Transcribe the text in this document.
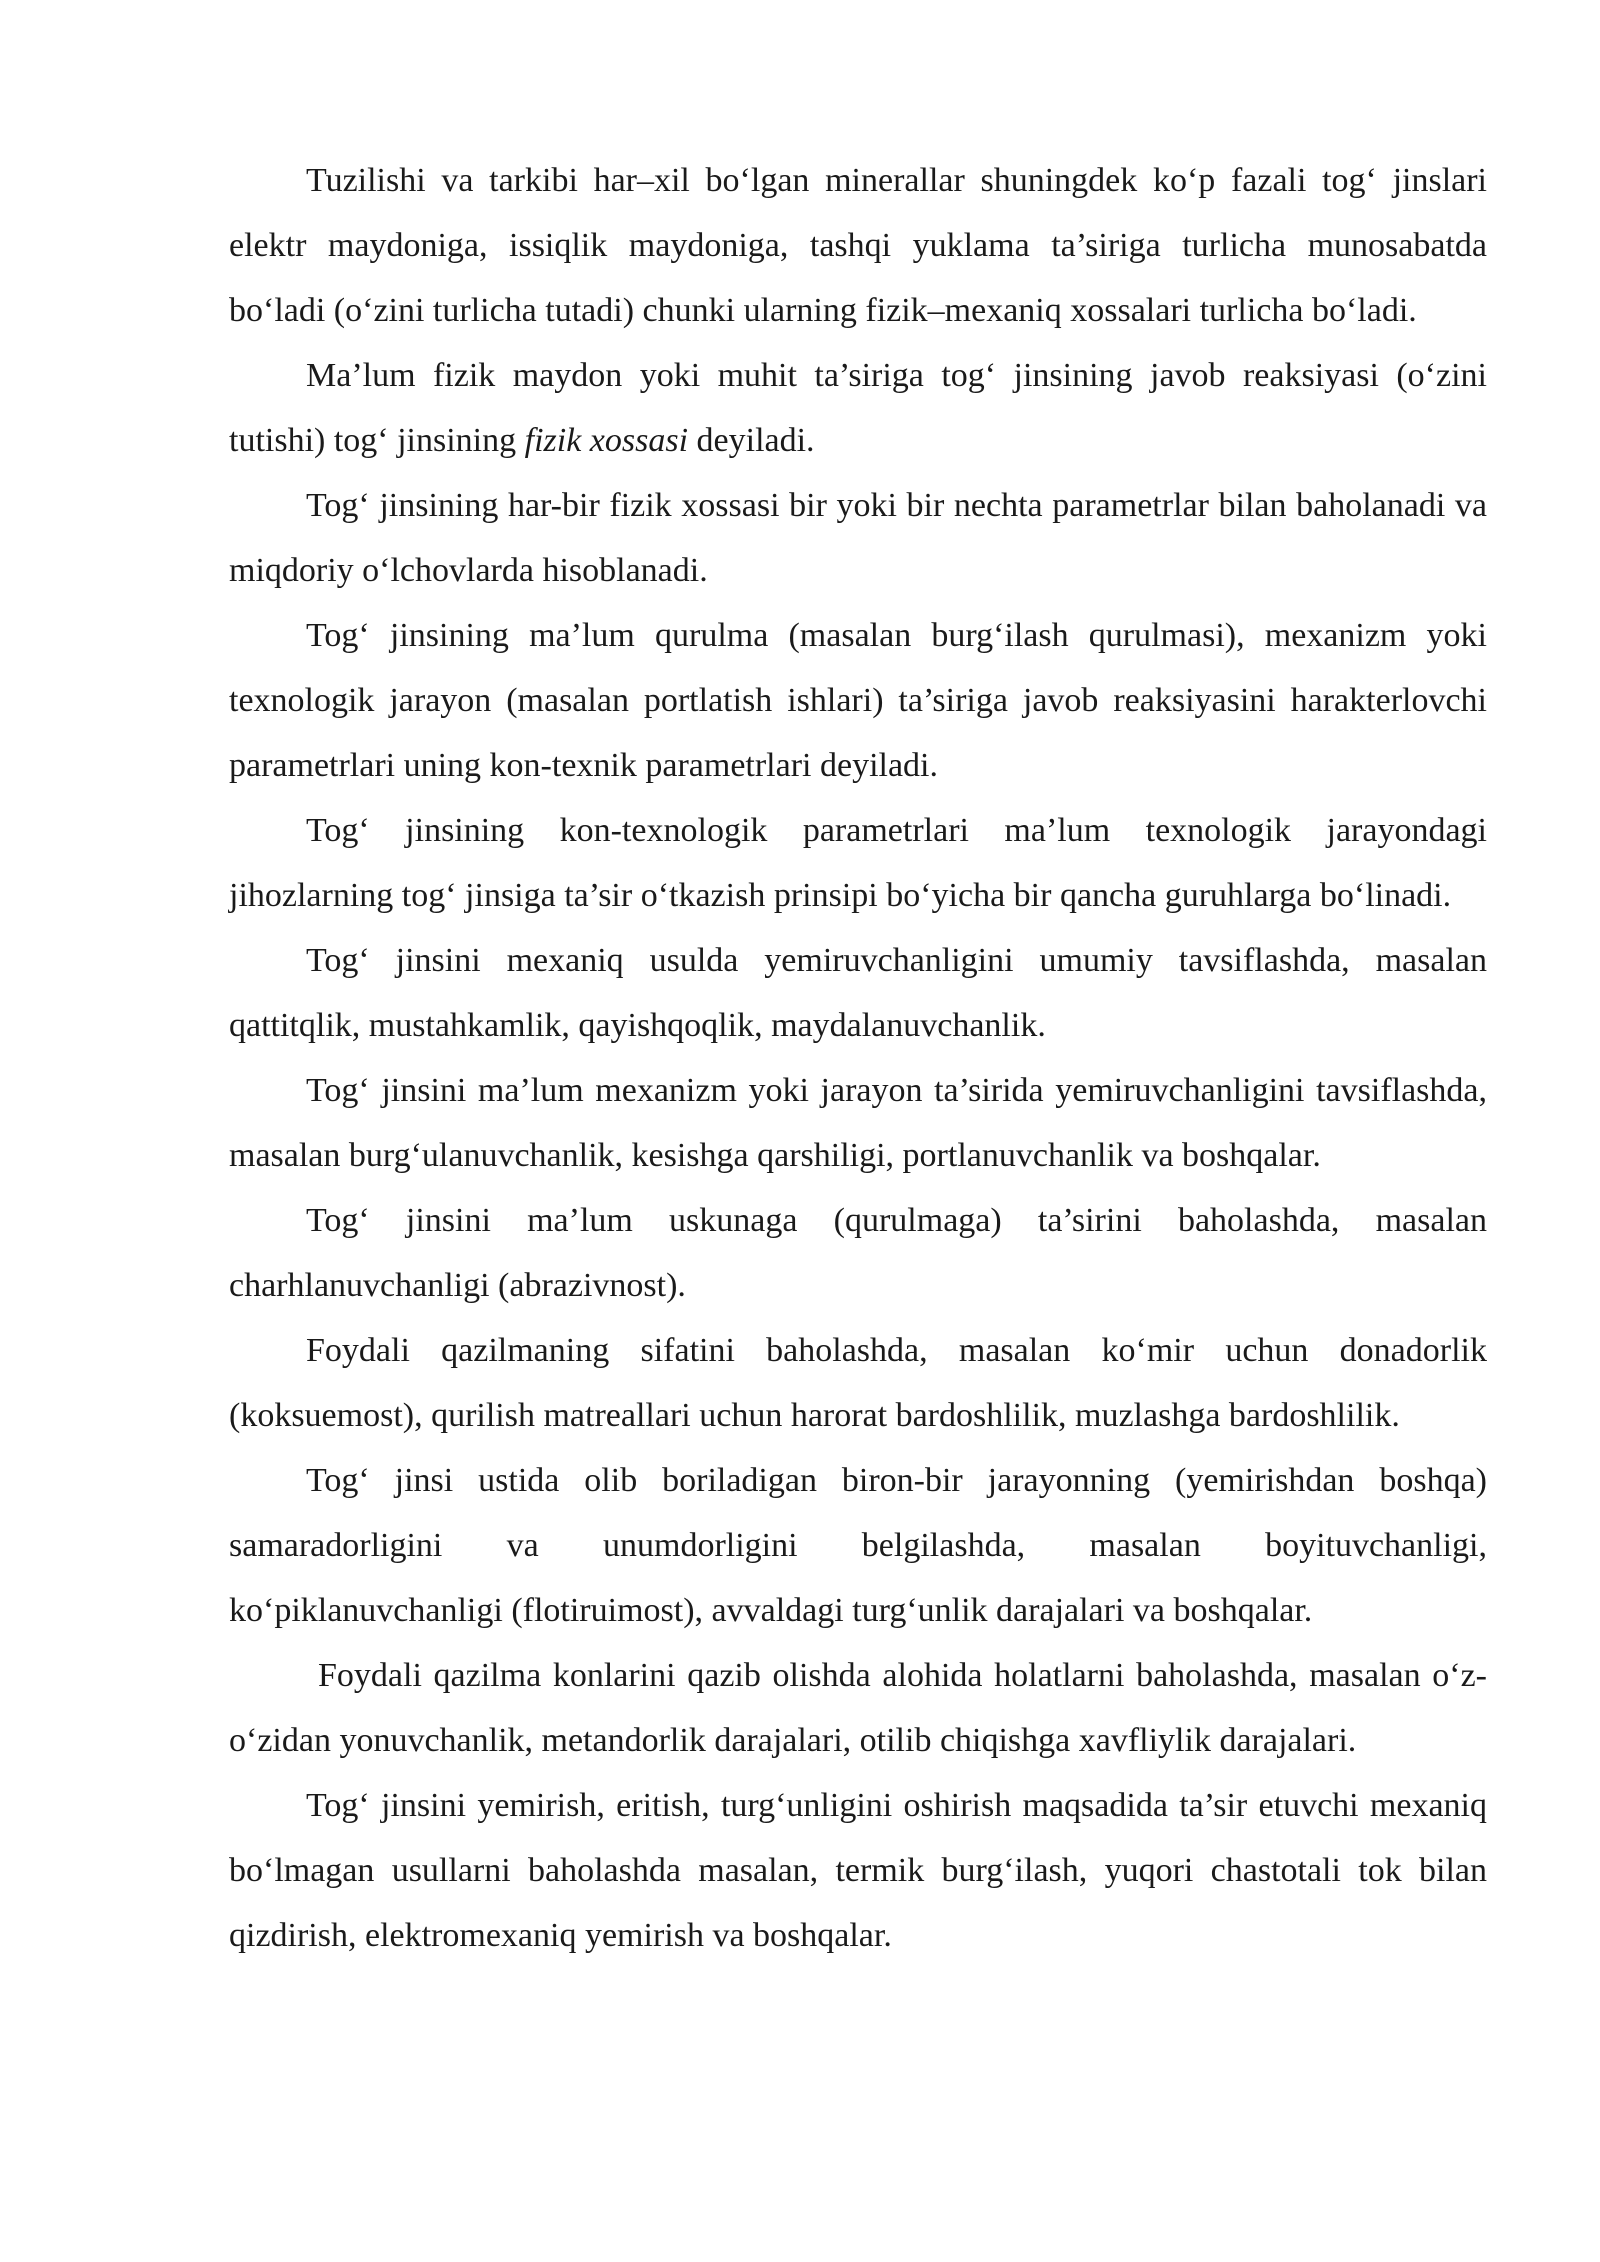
Tuzilishi va tarkibi har–xil bo‘lgan minerallar shuningdek ko‘p fazali tog‘ jinslari elektr maydoniga, issiqlik maydoniga, tashqi yuklama ta’siriga turlicha munosabatda bo‘ladi (o‘zini turlicha tutadi) chunki ularning fizik–mexaniq xossalari turlicha bo‘ladi.

Ma’lum fizik maydon yoki muhit ta’siriga tog‘ jinsining javob reaksiyasi (o‘zini tutishi) tog‘ jinsining fizik xossasi deyiladi.

Tog‘ jinsining har-bir fizik xossasi bir yoki bir nechta parametrlar bilan baholanadi va miqdoriy o‘lchovlarda hisoblanadi.

Tog‘ jinsining ma’lum qurulma (masalan burg‘ilash qurulmasi), mexanizm yoki texnologik jarayon (masalan portlatish ishlari) ta’siriga javob reaksiyasini harakterlovchi parametrlari uning kon-texnik parametrlari deyiladi.

Tog‘ jinsining kon-texnologik parametrlari ma’lum texnologik jarayondagi jihozlarning tog‘ jinsiga ta’sir o‘tkazish prinsipi bo‘yicha bir qancha guruhlarga bo‘linadi.

Tog‘ jinsini mexaniq usulda yemiruvchanligini umumiy tavsiflashda, masalan qattitqlik, mustahkamlik, qayishqoqlik, maydalanuvchanlik.

Tog‘ jinsini ma’lum mexanizm yoki jarayon ta’sirida yemiruvchanligini tavsiflashda, masalan burg‘ulanuvchanlik, kesishga qarshiligi, portlanuvchanlik va boshqalar.

Tog‘ jinsini ma’lum uskunaga (qurulmaga) ta’sirini baholashda, masalan charhlanuvchanligi (abrazivnost).

Foydali qazilmaning sifatini baholashda, masalan ko‘mir uchun donadorlik (koksuemost), qurilish matreallari uchun harorat bardoshlilik, muzlashga bardoshlilik.

Tog‘ jinsi ustida olib boriladigan biron-bir jarayonning (yemirishdan boshqa) samaradorligini va unumdorligini belgilashda, masalan boyituvchanligi, ko‘piklanuvchanligi (flotiruimost), avvaldagi turg‘unlik darajalari va boshqalar.

Foydali qazilma konlarini qazib olishda alohida holatlarni baholashda, masalan o‘z-o‘zidan yonuvchanlik, metandorlik darajalari, otilib chiqishga xavfliylik darajalari.

Tog‘ jinsini yemirish, eritish, turg‘unligini oshirish maqsadida ta’sir etuvchi mexaniq bo‘lmagan usullarni baholashda masalan, termik burg‘ilash, yuqori chastotali tok bilan qizdirish, elektromexaniq yemirish va boshqalar.
